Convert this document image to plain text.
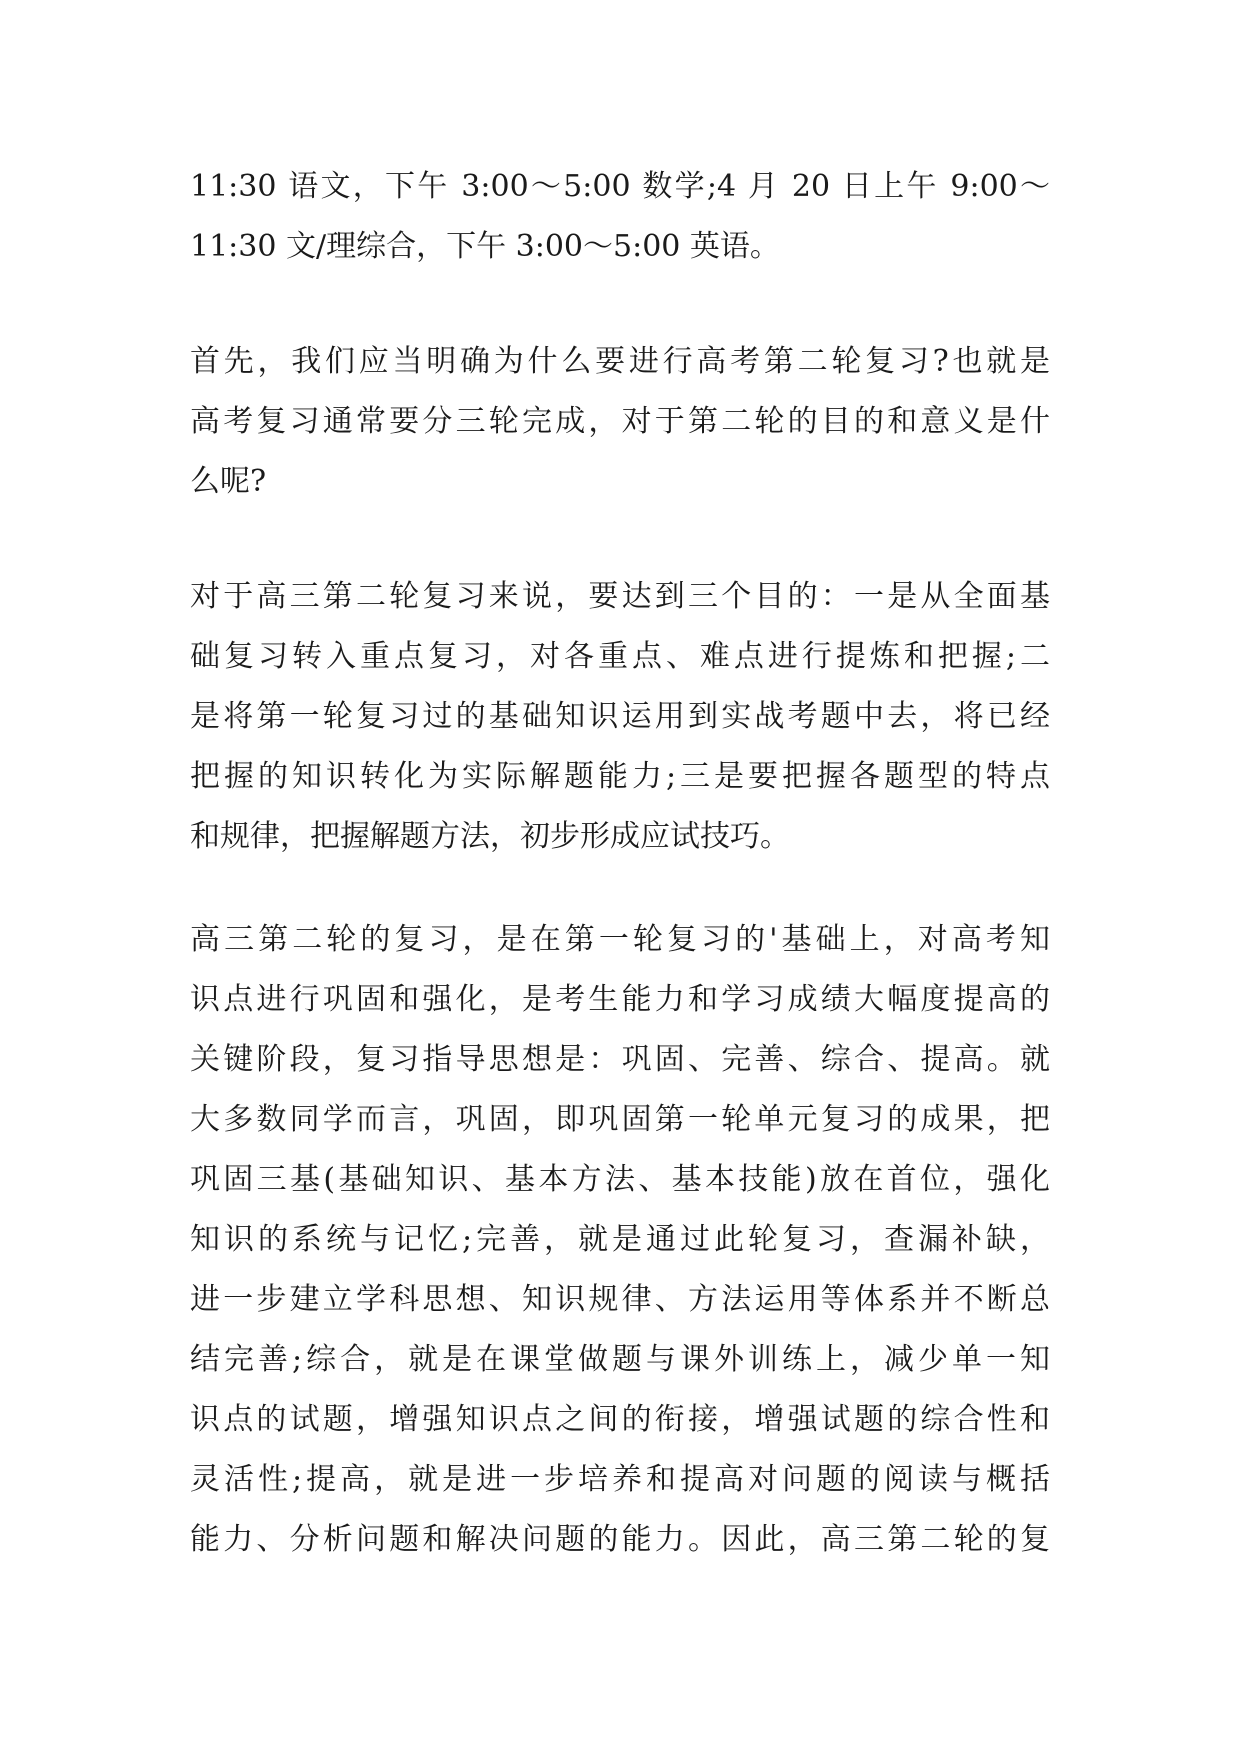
11:30 语文，下午 3:00～5:00 数学;4 月 20 日上午 9:00～
11:30 文/理综合，下午 3:00～5:00 英语。
首先，我们应当明确为什么要进行高考第二轮复习?也就是
高考复习通常要分三轮完成，对于第二轮的目的和意义是什
么呢?
对于高三第二轮复习来说，要达到三个目的：一是从全面基
础复习转入重点复习，对各重点、难点进行提炼和把握;二
是将第一轮复习过的基础知识运用到实战考题中去，将已经
把握的知识转化为实际解题能力;三是要把握各题型的特点
和规律，把握解题方法，初步形成应试技巧。
高三第二轮的复习，是在第一轮复习的'基础上，对高考知
识点进行巩固和强化，是考生能力和学习成绩大幅度提高的
关键阶段，复习指导思想是：巩固、完善、综合、提高。就
大多数同学而言，巩固，即巩固第一轮单元复习的成果，把
巩固三基(基础知识、基本方法、基本技能)放在首位，强化
知识的系统与记忆;完善，就是通过此轮复习，查漏补缺，
进一步建立学科思想、知识规律、方法运用等体系并不断总
结完善;综合，就是在课堂做题与课外训练上，减少单一知
识点的试题，增强知识点之间的衔接，增强试题的综合性和
灵活性;提高，就是进一步培养和提高对问题的阅读与概括
能力、分析问题和解决问题的能力。因此，高三第二轮的复
